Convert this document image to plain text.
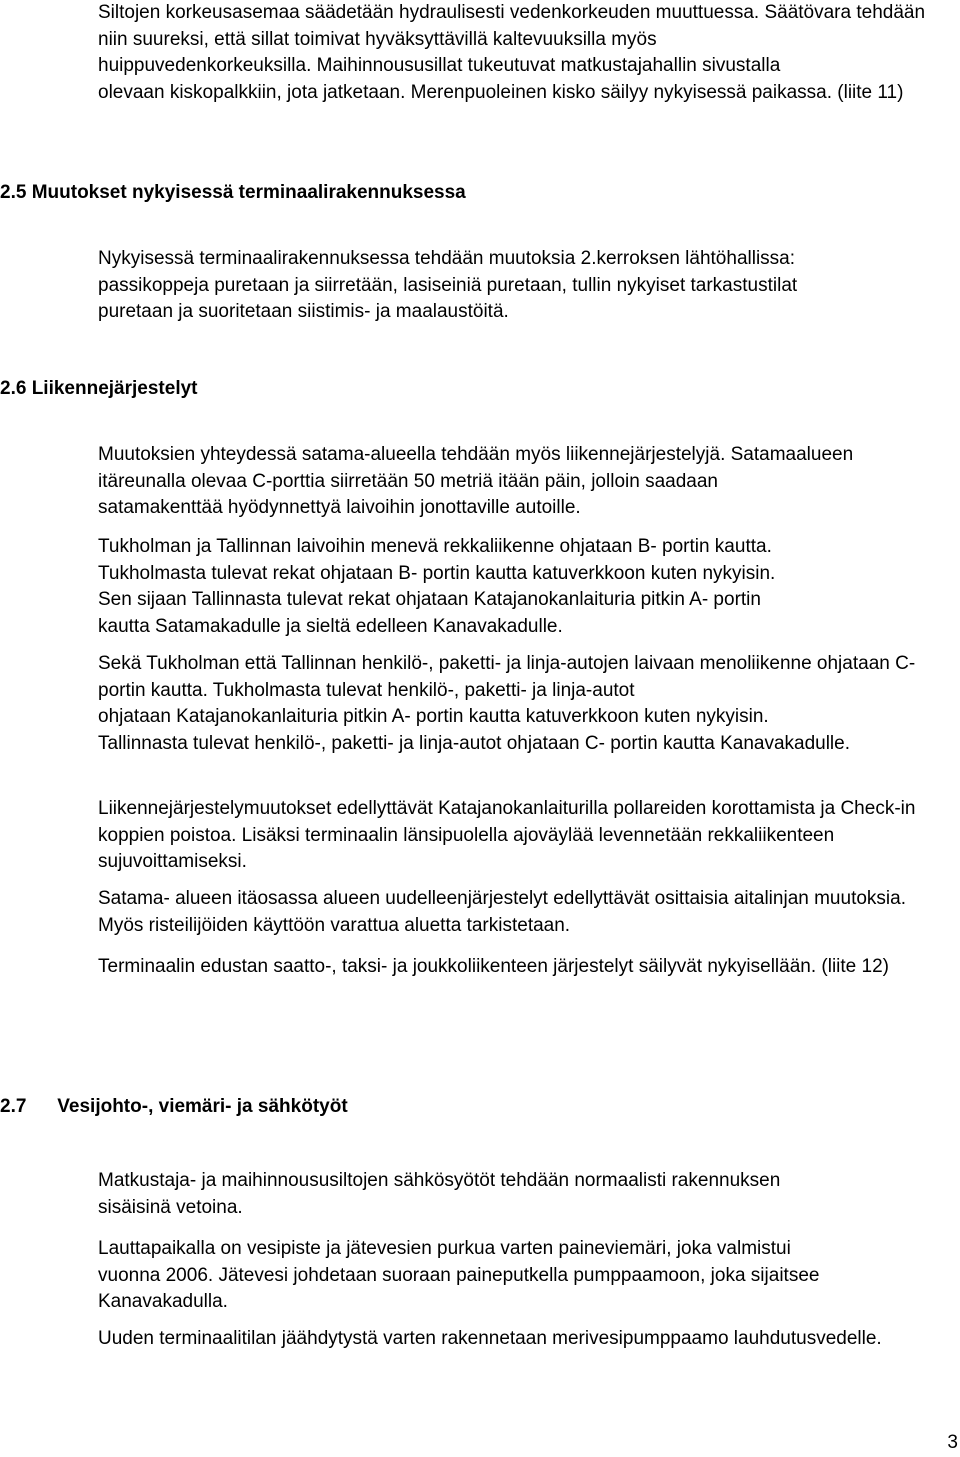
Siltojen korkeusasemaa säädetään hydraulisesti vedenkorkeuden muuttuessa. Säätövara tehdään niin suureksi, että sillat toimivat hyväksyttävillä kaltevuuksilla myös
huippuvedenkorkeuksilla. Maihinnoususillat tukeutuvat matkustajahallin sivustalla
olevaan kiskopalkkiin, jota jatketaan. Merenpuoleinen kisko säilyy nykyisessä paikassa. (liite 11)

2.5 Muutokset nykyisessä terminaalirakennuksessa

Nykyisessä terminaalirakennuksessa tehdään muutoksia 2.kerroksen lähtöhallissa:
passikoppeja puretaan ja siirretään, lasiseiniä puretaan, tullin nykyiset tarkastustilat
puretaan ja suoritetaan siistimis- ja maalaustöitä.

2.6 Liikennejärjestelyt

Muutoksien yhteydessä satama-alueella tehdään myös liikennejärjestelyjä. Satamaalueen itäreunalla olevaa C-porttia siirretään 50 metriä itään päin, jolloin saadaan
satamakenttää hyödynnettyä laivoihin jonottaville autoille.

Tukholman ja Tallinnan laivoihin menevä rekkaliikenne ohjataan B- portin kautta.
Tukholmasta tulevat rekat ohjataan B- portin kautta katuverkkoon kuten nykyisin.
Sen sijaan Tallinnasta tulevat rekat ohjataan Katajanokanlaituria pitkin A- portin
kautta Satamakadulle ja sieltä edelleen Kanavakadulle.

Sekä Tukholman että Tallinnan henkilö-, paketti- ja linja-autojen laivaan menoliikenne ohjataan C- portin kautta. Tukholmasta tulevat henkilö-, paketti- ja linja-autot
ohjataan Katajanokanlaituria pitkin A- portin kautta katuverkkoon kuten nykyisin.
Tallinnasta tulevat henkilö-, paketti- ja linja-autot ohjataan C- portin kautta Kanavakadulle.

Liikennejärjestelymuutokset edellyttävät Katajanokanlaiturilla pollareiden korottamista ja Check-in koppien poistoa. Lisäksi terminaalin länsipuolella ajoväylää levennetään rekkaliikenteen sujuvoittamiseksi.

Satama- alueen itäosassa alueen uudelleenjärjestelyt edellyttävät osittaisia aitalinjan muutoksia. Myös risteilijöiden käyttöön varattua aluetta tarkistetaan.

Terminaalin edustan saatto-, taksi- ja joukkoliikenteen järjestelyt säilyvät nykyisellään. (liite 12)

2.7 Vesijohto-, viemäri- ja sähkötyöt

Matkustaja- ja maihinnoususiltojen sähkösyötöt tehdään normaalisti rakennuksen
sisäisinä vetoina.

Lauttapaikalla on vesipiste ja jätevesien purkua varten paineviemäri, joka valmistui
vuonna 2006. Jätevesi johdetaan suoraan paineputkella pumppaamoon, joka sijaitsee Kanavakadulla.

Uuden terminaalitilan jäähdytystä varten rakennetaan merivesipumppaamo lauhdutusvedelle.

3
